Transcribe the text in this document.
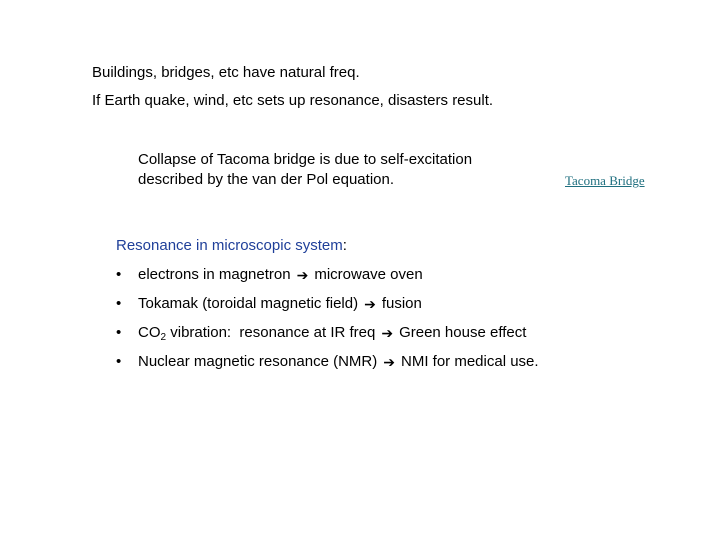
Buildings, bridges, etc have natural freq.
If Earth quake, wind, etc sets up resonance, disasters result.
Collapse of Tacoma bridge is due to self-excitation
described by the van der Pol equation.	Tacoma Bridge
Resonance in microscopic system:
•	electrons in magnetron ➔ microwave oven
•	Tokamak (toroidal magnetic field) ➔ fusion
•	$CO_2$ vibration:  resonance at IR freq ➔ Green house effect
•	Nuclear magnetic resonance (NMR) ➔ NMI for medical use.
